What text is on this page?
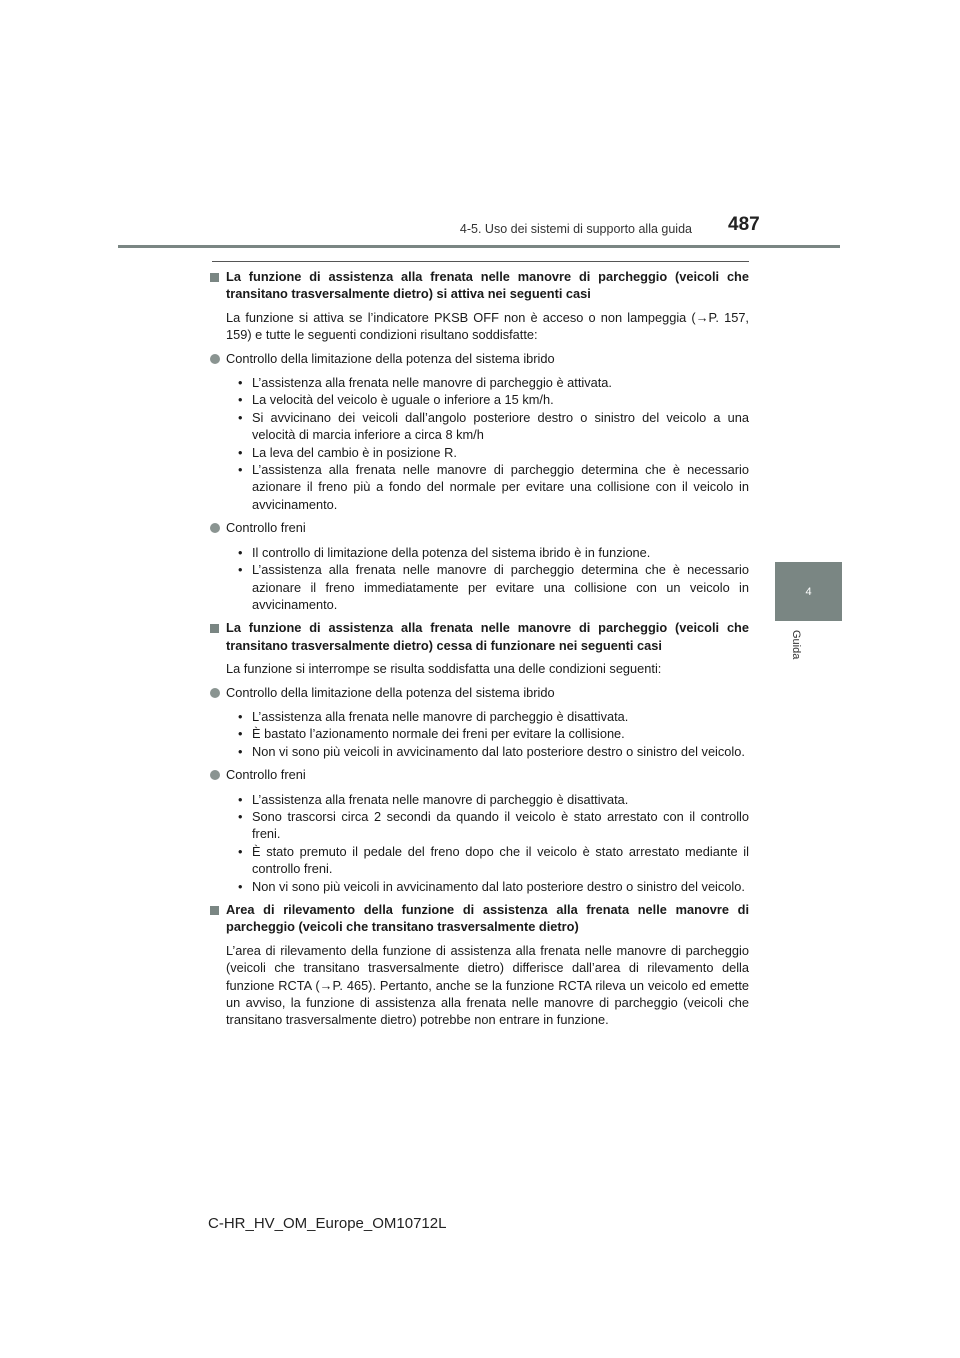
4-5. Uso dei sistemi di supporto alla guida 487
4
Guida
La funzione di assistenza alla frenata nelle manovre di parcheggio (veicoli che transitano trasversalmente dietro) si attiva nei seguenti casi

La funzione si attiva se l’indicatore PKSB OFF non è acceso o non lampeggia (→P. 157, 159) e tutte le seguenti condizioni risultano soddisfatte:

Controllo della limitazione della potenza del sistema ibrido
• L’assistenza alla frenata nelle manovre di parcheggio è attivata.
• La velocità del veicolo è uguale o inferiore a 15 km/h.
• Si avvicinano dei veicoli dall’angolo posteriore destro o sinistro del veicolo a una velocità di marcia inferiore a circa 8 km/h
• La leva del cambio è in posizione R.
• L’assistenza alla frenata nelle manovre di parcheggio determina che è necessario azionare il freno più a fondo del normale per evitare una collisione con il veicolo in avvicinamento.
Controllo freni
• Il controllo di limitazione della potenza del sistema ibrido è in funzione.
• L’assistenza alla frenata nelle manovre di parcheggio determina che è necessario azionare il freno immediatamente per evitare una collisione con un veicolo in avvicinamento.
La funzione di assistenza alla frenata nelle manovre di parcheggio (veicoli che transitano trasversalmente dietro) cessa di funzionare nei seguenti casi

La funzione si interrompe se risulta soddisfatta una delle condizioni seguenti:

Controllo della limitazione della potenza del sistema ibrido
• L’assistenza alla frenata nelle manovre di parcheggio è disattivata.
• È bastato l’azionamento normale dei freni per evitare la collisione.
• Non vi sono più veicoli in avvicinamento dal lato posteriore destro o sinistro del veicolo.
Controllo freni
• L’assistenza alla frenata nelle manovre di parcheggio è disattivata.
• Sono trascorsi circa 2 secondi da quando il veicolo è stato arrestato con il controllo freni.
• È stato premuto il pedale del freno dopo che il veicolo è stato arrestato mediante il controllo freni.
• Non vi sono più veicoli in avvicinamento dal lato posteriore destro o sinistro del veicolo.
Area di rilevamento della funzione di assistenza alla frenata nelle manovre di parcheggio (veicoli che transitano trasversalmente dietro)

L’area di rilevamento della funzione di assistenza alla frenata nelle manovre di parcheggio (veicoli che transitano trasversalmente dietro) differisce dall’area di rilevamento della funzione RCTA (→P. 465). Pertanto, anche se la funzione RCTA rileva un veicolo ed emette un avviso, la funzione di assistenza alla frenata nelle manovre di parcheggio (veicoli che transitano trasversalmente dietro) potrebbe non entrare in funzione.

C-HR_HV_OM_Europe_OM10712L
